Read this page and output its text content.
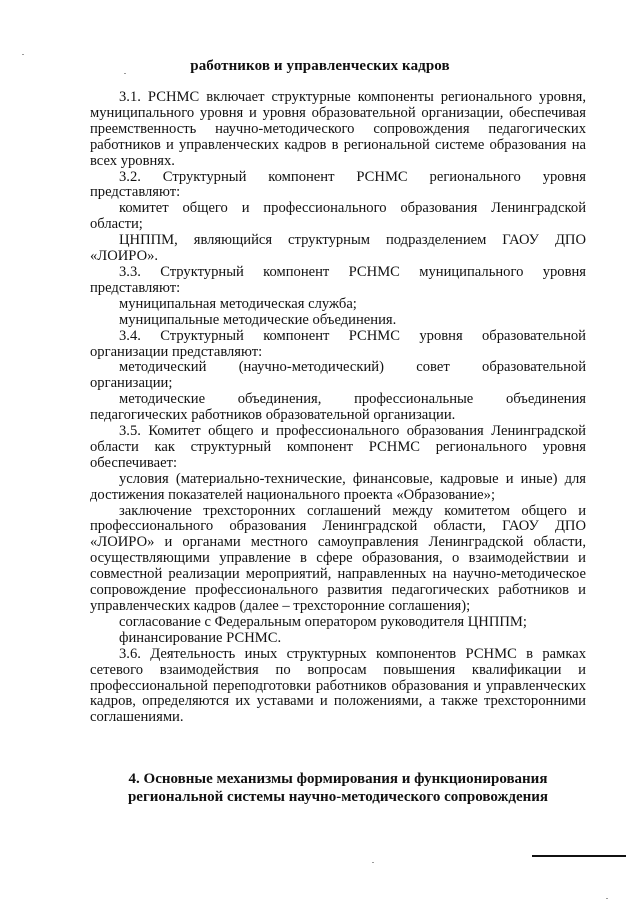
работников и управленческих кадров

3.1. РСНМС включает структурные компоненты регионального уровня, муниципального уровня и уровня образовательной организации, обеспечивая преемственность научно-методического сопровождения педагогических работников и управленческих кадров в региональной системе образования на всех уровнях.

3.2. Структурный компонент РСНМС регионального уровня представляют:

комитет общего и профессионального образования Ленинградской области;

ЦНППМ, являющийся структурным подразделением ГАОУ ДПО «ЛОИРО».

3.3. Структурный компонент РСНМС муниципального уровня представляют:

муниципальная методическая служба;

муниципальные методические объединения.

3.4. Структурный компонент РСНМС уровня образовательной организации представляют:

методический (научно-методический) совет образовательной организации;

методические объединения, профессиональные объединения педагогических работников образовательной организации.

3.5. Комитет общего и профессионального образования Ленинградской области как структурный компонент РСНМС регионального уровня обеспечивает:

условия (материально-технические, финансовые, кадровые и иные) для достижения показателей национального проекта «Образование»;

заключение трехсторонних соглашений между комитетом общего и профессионального образования Ленинградской области, ГАОУ ДПО «ЛОИРО» и органами местного самоуправления Ленинградской области, осуществляющими управление в сфере образования, о взаимодействии и совместной реализации мероприятий, направленных на научно-методическое сопровождение профессионального развития педагогических работников и управленческих кадров (далее – трехсторонние соглашения);

согласование с Федеральным оператором руководителя ЦНППМ;

финансирование РСНМС.

3.6. Деятельность иных структурных компонентов РСНМС в рамках сетевого взаимодействия по вопросам повышения квалификации и профессиональной переподготовки работников образования и управленческих кадров, определяются их уставами и положениями, а также трехсторонними соглашениями.

4. Основные механизмы формирования и функционирования
региональной системы научно-методического сопровождения
